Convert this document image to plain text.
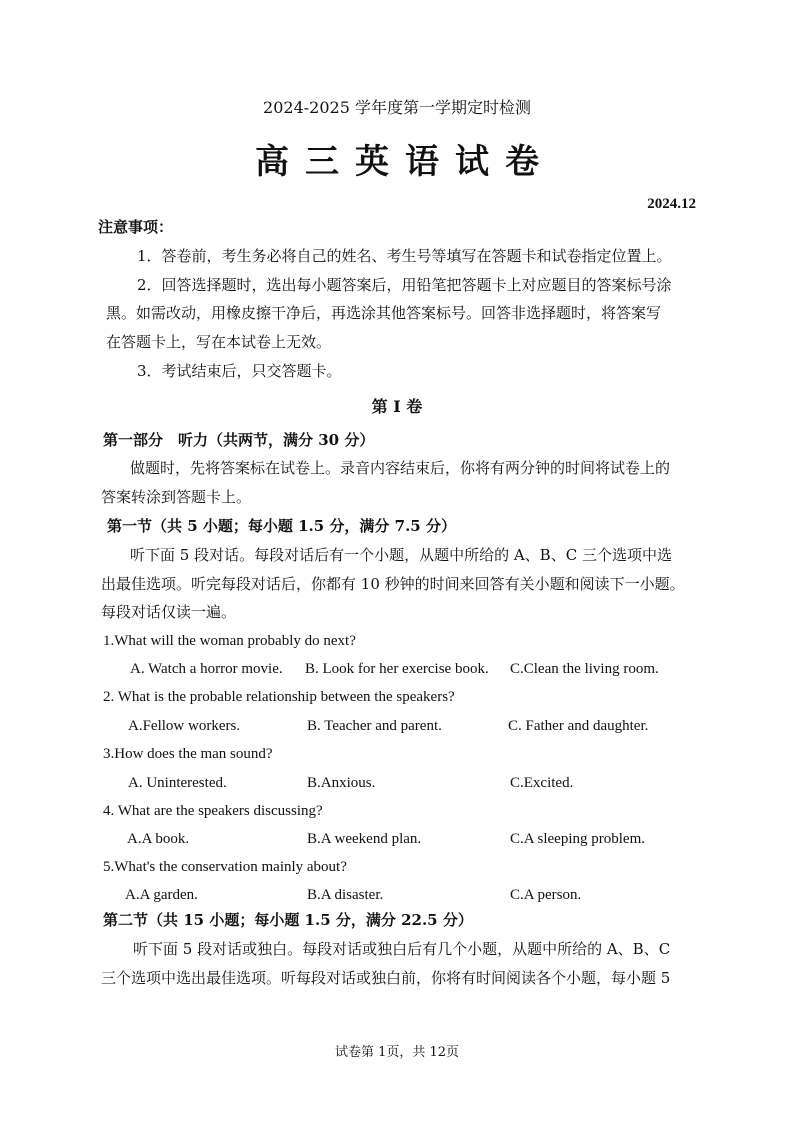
2024-2025 学年度第一学期定时检测
高三英语试卷
2024.12
注意事项：
1．答卷前，考生务必将自己的姓名、考生号等填写在答题卡和试卷指定位置上。
2．回答选择题时，选出每小题答案后，用铅笔把答题卡上对应题目的答案标号涂
黑。如需改动，用橡皮擦干净后，再选涂其他答案标号。回答非选择题时，将答案写
在答题卡上，写在本试卷上无效。
3．考试结束后，只交答题卡。
第 I 卷
第一部分　听力（共两节，满分 30 分）
做题时，先将答案标在试卷上。录音内容结束后，你将有两分钟的时间将试卷上的
答案转涂到答题卡上。
第一节（共 5 小题；每小题 1.5 分，满分 7.5 分）
听下面 5 段对话。每段对话后有一个小题，从题中所给的 A、B、C 三个选项中选
出最佳选项。听完每段对话后，你都有 10 秒钟的时间来回答有关小题和阅读下一小题。
每段对话仅读一遍。
1.What will the woman probably do next?
A. Watch a horror movie. B. Look for her exercise book. C.Clean the living room.
2. What is the probable relationship between the speakers?
A.Fellow workers.	B. Teacher and parent.	C. Father and daughter.
3.How does the man sound?
A. Uninterested.	B.Anxious.	C.Excited.
4. What are the speakers discussing?
A.A book.	B.A weekend plan.	C.A sleeping problem.
5.What's the conservation mainly about?
A.A garden.	B.A disaster.	C.A person.
第二节（共 15 小题；每小题 1.5 分，满分 22.5 分）
听下面 5 段对话或独白。每段对话或独白后有几个小题，从题中所给的 A、B、C
三个选项中选出最佳选项。听每段对话或独白前，你将有时间阅读各个小题，每小题 5
试卷第 1页，共 12页
